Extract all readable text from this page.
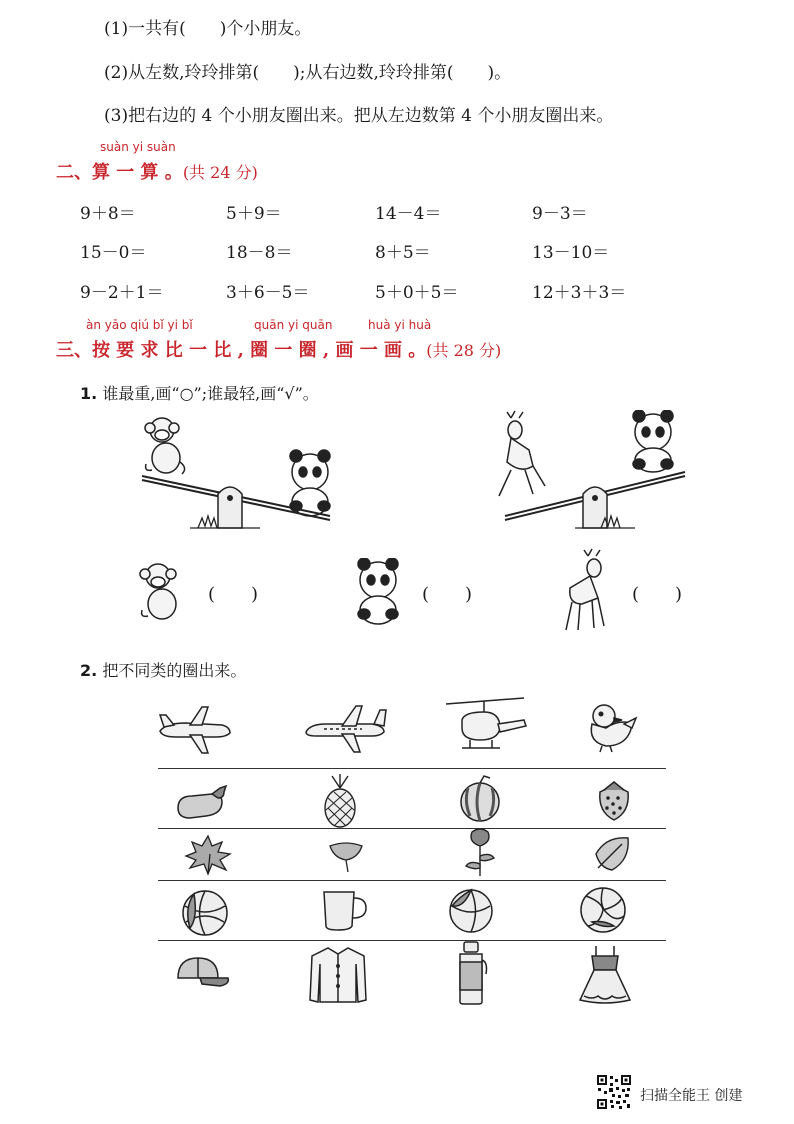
(1)一共有(　　)个小朋友。
(2)从左数,玲玲排第(　　);从右边数,玲玲排第(　　)。
(3)把右边的 4 个小朋友圈出来。把从左边数第 4 个小朋友圈出来。
suàn yi suàn
二、算 一 算 。(共 24 分)
9＋8＝	5＋9＝	14－4＝	9－3＝
15－0＝	18－8＝	8＋5＝	13－10＝
9－2＋1＝	3＋6－5＝	5＋0＋5＝	12＋3＋3＝
àn yāo qiú bǐ yi bǐ	quān yi quān	huà yi huà
三、按 要 求 比 一 比 , 圈 一 圈 , 画 一 画 。(共 28 分)
1. 谁最重,画“○”;谁最轻,画“√”。
(　　)	(　　)	(　　)
2. 把不同类的圈出来。
扫描全能王 创建
